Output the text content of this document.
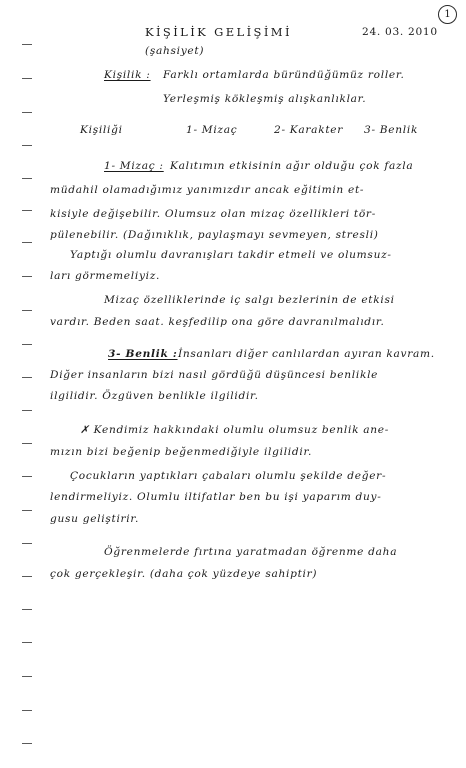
1
KİŞİLİK GELİŞİMİ	24. 03. 2010
(şahsiyet)
Kişilik : Farklı ortamlarda büründüğümüz roller.
Yerleşmiş kökleşmiş alışkanlıklar.
Kişiliği	1- Mizaç	2- Karakter 3- Benlik
1- Mizaç : Kalıtımın etkisinin ağır olduğu çok fazla
müdahil olamadığımız yanımızdır ancak eğitimin et-
kisiyle değişebilir. Olumsuz olan mizaç özellikleri tör-
pülenebilir. (Dağınıklık, paylaşmayı sevmeyen, stresli)
Yaptığı olumlu davranışları takdir etmeli ve olumsuz-
ları görmemeliyiz.
Mizaç özelliklerinde iç salgı bezlerinin de etkisi
vardır. Beden saat. keşfedilip ona göre davranılmalıdır.
3- Benlik : İnsanları diğer canlılardan ayıran kavram.
Diğer insanların bizi nasıl gördüğü düşüncesi benlikle
ilgilidir. Özgüven benlikle ilgilidir.
✗ Kendimiz hakkındaki olumlu olumsuz benlik ane-
mızın bizi beğenip beğenmediğiyle ilgilidir.
Çocukların yaptıkları çabaları olumlu şekilde değer-
lendirmeliyiz. Olumlu iltifatlar ben bu işi yaparım duy-
gusu geliştirir.
Öğrenmelerde fırtına yaratmadan öğrenme daha
çok gerçekleşir. (daha çok yüzdeye sahiptir)
